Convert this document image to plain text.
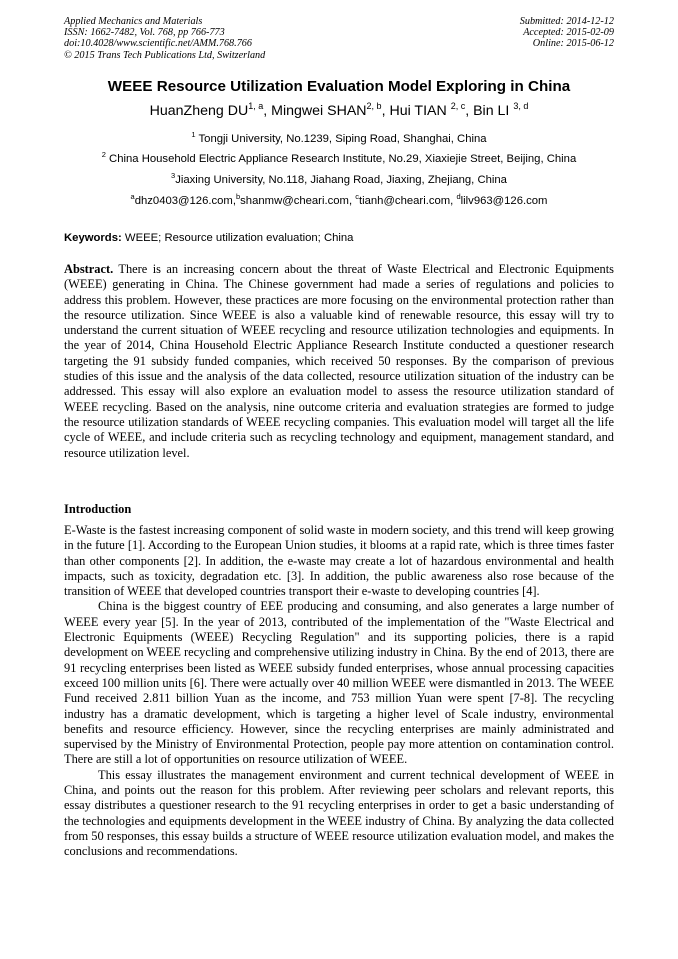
Applied Mechanics and Materials
ISSN: 1662-7482, Vol. 768, pp 766-773
doi:10.4028/www.scientific.net/AMM.768.766
© 2015 Trans Tech Publications Ltd, Switzerland
Submitted: 2014-12-12
Accepted: 2015-02-09
Online: 2015-06-12
WEEE Resource Utilization Evaluation Model Exploring in China
HuanZheng DU$^{1, a}$, Mingwei SHAN$^{2, b}$, Hui TIAN $^{2, c}$, Bin LI $^{3, d}$
$^1$ Tongji University, No.1239, Siping Road, Shanghai, China
$^2$ China Household Electric Appliance Research Institute, No.29, Xiaxiejie Street, Beijing, China
$^3$Jiaxing University, No.118, Jiahang Road, Jiaxing, Zhejiang, China
$^a$dhz0403@126.com,$^b$shanmw@cheari.com, $^c$tianh@cheari.com, $^d$lilv963@126.com
Keywords: WEEE; Resource utilization evaluation; China
Abstract. There is an increasing concern about the threat of Waste Electrical and Electronic Equipments (WEEE) generating in China. The Chinese government had made a series of regulations and policies to address this problem. However, these practices are more focusing on the environmental protection rather than the resource utilization. Since WEEE is also a valuable kind of renewable resource, this essay will try to understand the current situation of WEEE recycling and resource utilization technologies and equipments. In the year of 2014, China Household Electric Appliance Research Institute conducted a questioner research targeting the 91 subsidy funded companies, which received 50 responses. By the comparison of previous studies of this issue and the analysis of the data collected, resource utilization situation of the industry can be addressed. This essay will also explore an evaluation model to assess the resource utilization standard of WEEE recycling. Based on the analysis, nine outcome criteria and evaluation strategies are formed to judge the resource utilization standards of WEEE recycling companies. This evaluation model will target all the life cycle of WEEE, and include criteria such as recycling technology and equipment, management standard, and resource utilization level.
Introduction

E-Waste is the fastest increasing component of solid waste in modern society, and this trend will keep growing in the future [1]. According to the European Union studies, it blooms at a rapid rate, which is three times faster than other components [2]. In addition, the e-waste may create a lot of hazardous environmental and health impacts, such as toxicity, degradation etc. [3]. In addition, the public awareness also rose because of the transition of WEEE that developed countries transport their e-waste to developing countries [4].

China is the biggest country of EEE producing and consuming, and also generates a large number of WEEE every year [5]. In the year of 2013, contributed of the implementation of the "Waste Electrical and Electronic Equipments (WEEE) Recycling Regulation" and its supporting policies, there is a rapid development on WEEE recycling and comprehensive utilizing industry in China. By the end of 2013, there are 91 recycling enterprises been listed as WEEE subsidy funded enterprises, whose annual processing capacities exceed 100 million units [6]. There were actually over 40 million WEEE were dismantled in 2013. The WEEE Fund received 2.811 billion Yuan as the income, and 753 million Yuan were spent [7-8]. The recycling industry has a dramatic development, which is targeting a higher level of Scale industry, environmental benefits and resource efficiency. However, since the recycling enterprises are mainly administrated and supervised by the Ministry of Environmental Protection, people pay more attention on contamination control. There are still a lot of opportunities on resource utilization of WEEE.

This essay illustrates the management environment and current technical development of WEEE in China, and points out the reason for this problem. After reviewing peer scholars and relevant reports, this essay distributes a questioner research to the 91 recycling enterprises in order to get a basic understanding of the technologies and equipments development in the WEEE industry of China. By analyzing the data collected from 50 responses, this essay builds a structure of WEEE resource utilization evaluation model, and makes the conclusions and recommendations.
